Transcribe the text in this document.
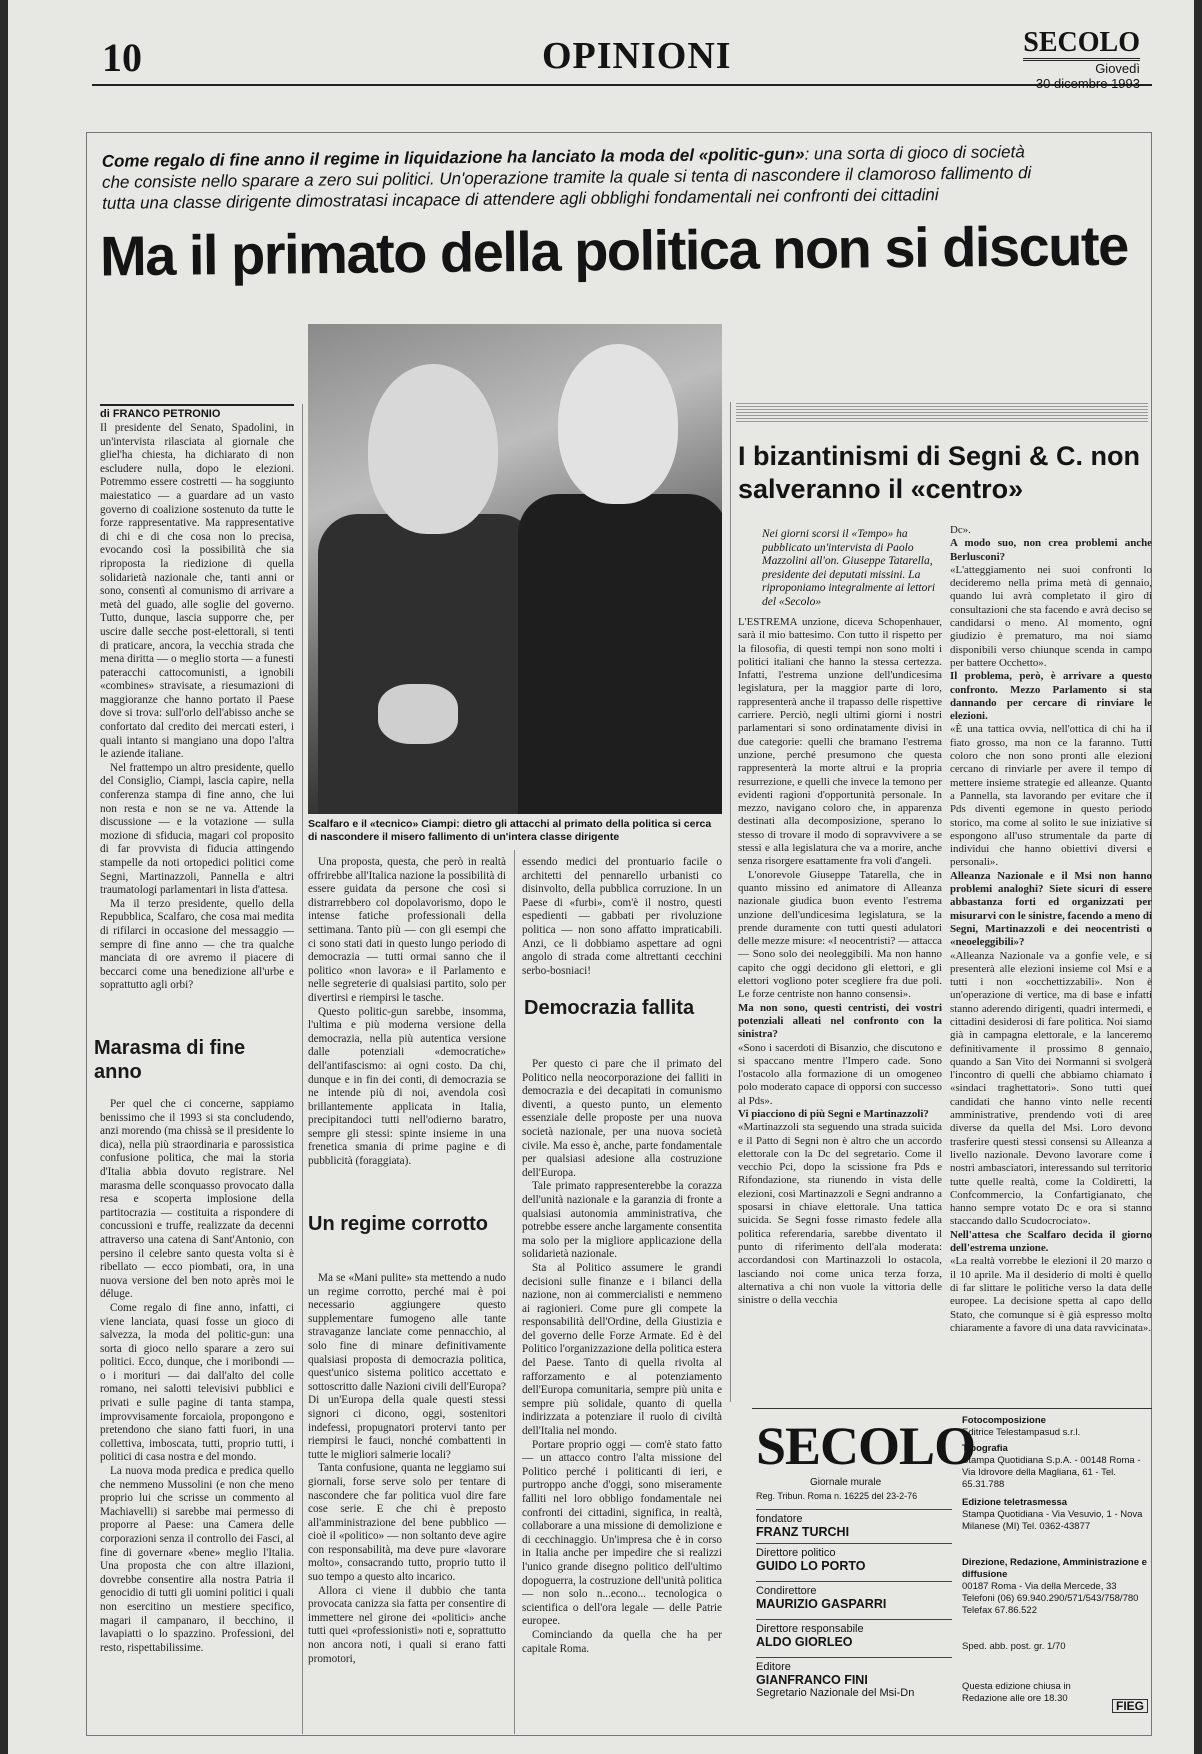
10	OPINIONI	SECOLO
Giovedì
30 dicembre 1993
Come regalo di fine anno il regime in liquidazione ha lanciato la moda del «politic-gun»: una sorta di gioco di società che consiste nello sparare a zero sui politici. Un'operazione tramite la quale si tenta di nascondere il clamoroso fallimento di tutta una classe dirigente dimostratasi incapace di attendere agli obblighi fondamentali nei confronti dei cittadini
Ma il primato della politica non si discute
di FRANCO PETRONIO

Il presidente del Senato, Spadolini, in un'intervista rilasciata al giornale che gliel'ha chiesta, ha dichiarato di non escludere nulla, dopo le elezioni. Potremmo essere costretti — ha soggiunto maiestatico — a guardare ad un vasto governo di coalizione sostenuto da tutte le forze rappresentative. Ma rappresentative di chi e di che cosa non lo precisa, evocando così la possibilità che sia riproposta la riedizione di quella solidarietà nazionale che, tanti anni or sono, consentì al comunismo di arrivare a metà del guado, alle soglie del governo. Tutto, dunque, lascia supporre che, per uscire dalle secche post-elettorali, si tenti di praticare, ancora, la vecchia strada che mena diritta — o meglio storta — a funesti pateracchi cattocomunisti, a ignobili «combines» stravisate, a riesumazioni di maggioranze che hanno portato il Paese dove si trova: sull'orlo dell'abisso anche se confortato dal credito dei mercati esteri, i quali intanto si mangiano una dopo l'altra le aziende italiane.

Nel frattempo un altro presidente, quello del Consiglio, Ciampi, lascia capire, nella conferenza stampa di fine anno, che lui non resta e non se ne va. Attende la discussione — e la votazione — sulla mozione di sfiducia, magari col proposito di far provvista di fiducia attingendo stampelle da noti ortopedici politici come Segni, Martinazzoli, Pannella e altri traumatologi parlamentari in lista d'attesa.

Ma il terzo presidente, quello della Repubblica, Scalfaro, che cosa mai medita di rifilarci in occasione del messaggio — sempre di fine anno — che tra qualche manciata di ore avremo il piacere di beccarci come una benedizione all'urbe e soprattutto agli orbi?

Marasma di fine anno

Per quel che ci concerne, sappiamo benissimo che il 1993 si sta concludendo, anzi morendo (ma chissà se il presidente lo dica), nella più straordinaria e parossistica confusione politica, che mai la storia d'Italia abbia dovuto registrare. Nel marasma delle sconquasso provocato dalla resa e scoperta implosione della partitocrazia — costituita a rispondere di concussioni e truffe, realizzate da decenni attraverso una catena di Sant'Antonio, con persino il celebre santo questa volta si è ribellato — ecco piombati, ora, in una nuova versione del ben noto après moi le déluge.

Come regalo di fine anno, infatti, ci viene lanciata, quasi fosse un gioco di salvezza, la moda del politic-gun: una sorta di gioco nello sparare a zero sui politici. Ecco, dunque, che i moribondi — o i morituri — dai dall'alto del colle romano, nei salotti televisivi pubblici e privati e sulle pagine di tanta stampa, improvvisamente forcaiola, propongono e pretendono che siano fatti fuori, in una collettiva, imboscata, tutti, proprio tutti, i politici di casa nostra e del mondo.

La nuova moda predica e predica quello che nemmeno Mussolini (e non che meno proprio lui che scrisse un commento al Machiavelli) si sarebbe mai permesso di proporre al Paese: una Camera delle corporazioni senza il controllo dei Fasci, al fine di governare «bene» meglio l'Italia. Una proposta che con altre illazioni, dovrebbe consentire alla nostra Patria il genocidio di tutti gli uomini politici i quali non esercitino un mestiere specifico, magari il campanaro, il becchino, il lavapiatti o lo spazzino. Professioni, del resto, rispettabilissime.

Scalfaro e il «tecnico» Ciampi: dietro gli attacchi al primato della politica si cerca di nascondere il misero fallimento di un'intera classe dirigente

Una proposta, questa, che però in realtà offrirebbe all'Italica nazione la possibilità di essere guidata da persone che così si distrarrebbero col dopolavorismo, dopo le intense fatiche professionali della settimana. Tanto più — con gli esempi che ci sono stati dati in questo lungo periodo di democrazia — tutti ormai sanno che il politico «non lavora» e il Parlamento e nelle segreterie di qualsiasi partito, solo per divertirsi e riempirsi le tasche.

Questo politic-gun sarebbe, insomma, l'ultima e più moderna versione della democrazia, nella più autentica versione dalle potenziali «democratiche» dell'antifascismo: ai ogni costo. Da chi, dunque e in fin dei conti, di democrazia se ne intende più di noi, avendola così brillantemente applicata in Italia, precipitandoci tutti nell'odierno baratro, sempre gli stessi: spinte insieme in una frenetica smania di prime pagine e di pubblicità (foraggiata).

Un regime corrotto

Ma se «Mani pulite» sta mettendo a nudo un regime corrotto, perché mai è poi necessario aggiungere questo supplementare fumogeno alle tante stravaganze lanciate come pennacchio, al solo fine di minare definitivamente qualsiasi proposta di democrazia politica, quest'unico sistema politico accettato e sottoscritto dalle Nazioni civili dell'Europa? Di un'Europa della quale questi stessi signori ci dicono, oggi, sostenitori indefessi, propugnatori protervi tanto per riempirsi le fauci, nonché combattenti in tutte le migliori salmerie locali?

Tanta confusione, quanta ne leggiamo sui giornali, forse serve solo per tentare di nascondere che far politica vuol dire fare cose serie. E che chi è preposto all'amministrazione del bene pubblico — cioè il «politico» — non soltanto deve agire con responsabilità, ma deve pure «lavorare molto», consacrando tutto, proprio tutto il suo tempo a questo alto incarico.

Allora ci viene il dubbio che tanta provocata canizza sia fatta per consentire di immettere nel girone dei «politici» anche tutti quei «professionisti» noti e, soprattutto non ancora noti, i quali si erano fatti promotori,

essendo medici del prontuario facile o architetti del pennarello urbanisti co disinvolto, della pubblica corruzione. In un Paese di «furbi», com'è il nostro, questi espedienti — gabbati per rivoluzione politica — non sono affatto impraticabili. Anzi, ce li dobbiamo aspettare ad ogni angolo di strada come altrettanti cecchini serbo-bosniaci!

Democrazia fallita

Per questo ci pare che il primato del Politico nella neocorporazione dei falliti in democrazia e dei decapitati in comunismo diventi, a questo punto, un elemento essenziale delle proposte per una nuova società nazionale, per una nuova società civile. Ma esso è, anche, parte fondamentale per qualsiasi adesione alla costruzione dell'Europa.

Tale primato rappresenterebbe la corazza dell'unità nazionale e la garanzia di fronte a qualsiasi autonomia amministrativa, che potrebbe essere anche largamente consentita ma solo per la migliore applicazione della solidarietà nazionale.

Sta al Politico assumere le grandi decisioni sulle finanze e i bilanci della nazione, non ai commercialisti e nemmeno ai ragionieri. Come pure gli compete la responsabilità dell'Ordine, della Giustizia e del governo delle Forze Armate. Ed è del Politico l'organizzazione della politica estera del Paese. Tanto di quella rivolta al rafforzamento e al potenziamento dell'Europa comunitaria, sempre più unita e sempre più solidale, quanto di quella indirizzata a potenziare il ruolo di civiltà dell'Italia nel mondo.

Portare proprio oggi — com'è stato fatto — un attacco contro l'alta missione del Politico perché i politicanti di ieri, e purtroppo anche d'oggi, sono miseramente falliti nel loro obbligo fondamentale nei confronti dei cittadini, significa, in realtà, collaborare a una missione di demolizione e di cecchinaggio. Un'impresa che è in corso in Italia anche per impedire che si realizzi l'unico grande disegno politico dell'ultimo dopoguerra, la costruzione dell'unità politica — non solo n...econo... tecnologica o scientifica o dell'ora legale — delle Patrie europee.

Cominciando da quella che ha per capitale Roma.

I bizantinismi di Segni & C. non salveranno il «centro»
Nei giorni scorsi il «Tempo» ha pubblicato un'intervista di Paolo Mazzolini all'on. Giuseppe Tatarella, presidente dei deputati missini. La riproponiamo integralmente ai lettori del «Secolo»

L'ESTREMA unzione, diceva Schopenhauer, sarà il mio battesimo. Con tutto il rispetto per la filosofia, di questi tempi non sono molti i politici italiani che hanno la stessa certezza. Infatti, l'estrema unzione dell'undicesima legislatura, per la maggior parte di loro, rappresenterà anche il trapasso delle rispettive carriere. Perciò, negli ultimi giorni i nostri parlamentari si sono ordinatamente divisi in due categorie: quelli che bramano l'estrema unzione, perché presumono che questa rappresenterà la morte altrui e la propria resurrezione, e quelli che invece la temono per evidenti ragioni d'opportunità personale. In mezzo, navigano coloro che, in apparenza destinati alla decomposizione, sperano lo stesso di trovare il modo di sopravvivere a se stessi e alla legislatura che va a morire, anche senza risorgere esattamente fra voli d'angeli.

L'onorevole Giuseppe Tatarella, che in quanto missino ed animatore di Alleanza nazionale giudica buon evento l'estrema unzione dell'undicesima legislatura, se la prende duramente con tutti questi adulatori delle mezze misure: «I neocentristi? — attacca — Sono solo dei neoleggibili. Ma non hanno capito che oggi decidono gli elettori, e gli elettori vogliono poter scegliere fra due poli. Le forze centriste non hanno consensi».

Ma non sono, questi centristi, dei vostri potenziali alleati nel confronto con la sinistra?

«Sono i sacerdoti di Bisanzio, che discutono e si spaccano mentre l'Impero cade. Sono l'ostacolo alla formazione di un omogeneo polo moderato capace di opporsi con successo al Pds».

Vi piacciono di più Segni e Martinazzoli?

«Martinazzoli sta seguendo una strada suicida e il Patto di Segni non è altro che un accordo elettorale con la Dc del segretario. Come il vecchio Pci, dopo la scissione fra Pds e Rifondazione, sta riunendo in vista delle elezioni, così Martinazzoli e Segni andranno a sposarsi in chiave elettorale. Una tattica suicida. Se Segni fosse rimasto fedele alla politica referendaria, sarebbe diventato il punto di riferimento dell'ala moderata: accordandosi con Martinazzoli lo ostacola, lasciando noi come unica terza forza, alternativa a chi non vuole la vittoria delle sinistre o della vecchia

Dc».

A modo suo, non crea problemi anche Berlusconi?

«L'atteggiamento nei suoi confronti lo decideremo nella prima metà di gennaio, quando lui avrà completato il giro di consultazioni che sta facendo e avrà deciso se candidarsi o meno. Al momento, ogni giudizio è prematuro, ma noi siamo disponibili verso chiunque scenda in campo per battere Occhetto».

Il problema, però, è arrivare a questo confronto. Mezzo Parlamento si sta dannando per cercare di rinviare le elezioni.

«È una tattica ovvia, nell'ottica di chi ha il fiato grosso, ma non ce la faranno. Tutti coloro che non sono pronti alle elezioni cercano di rinviarle per avere il tempo di mettere insieme strategie ed alleanze. Quanto a Pannella, sta lavorando per evitare che il Pds diventi egemone in questo periodo storico, ma come al solito le sue iniziative si espongono all'uso strumentale da parte di individui che hanno obiettivi diversi e personali».

Alleanza Nazionale e il Msi non hanno problemi analoghi? Siete sicuri di essere abbastanza forti ed organizzati per misurarvi con le sinistre, facendo a meno di Segni, Martinazzoli e dei neocentristi o «neoeleggibili»?

«Alleanza Nazionale va a gonfie vele, e si presenterà alle elezioni insieme col Msi e a tutti i non «occhettizzabili». Non è un'operazione di vertice, ma di base e infatti stanno aderendo dirigenti, quadri intermedi, e cittadini desiderosi di fare politica. Noi siamo già in campagna elettorale, e la lanceremo definitivamente il prossimo 8 gennaio, quando a San Vito dei Normanni si svolgerà l'incontro di quelli che abbiamo chiamato i «sindaci traghettatori». Sono tutti quei candidati che hanno vinto nelle recenti amministrative, prendendo voti di aree diverse da quella del Msi. Loro devono trasferire questi stessi consensi su Alleanza a livello nazionale. Devono lavorare come i nostri ambasciatori, interessando sul territorio tutte quelle realtà, come la Coldiretti, la Confcommercio, la Confartigianato, che hanno sempre votato Dc e ora si stanno staccando dallo Scudocrociato».

Nell'attesa che Scalfaro decida il giorno dell'estrema unzione.

«La realtà vorrebbe le elezioni il 20 marzo o il 10 aprile. Ma il desiderio di molti è quello di far slittare le politiche verso la data delle europee. La decisione spetta al capo dello Stato, che comunque si è già espresso molto chiaramente a favore di una data ravvicinata».

SECOLO
Giornale murale
Reg. Tribun. Roma n. 16225 del 23-2-76
fondatore
FRANZ TURCHI
Direttore politico
GUIDO LO PORTO
Condirettore
MAURIZIO GASPARRI
Direttore responsabile
ALDO GIORLEO
Editore
GIANFRANCO FINI
Segretario Nazionale del Msi-Dn
Fotocomposizione
Editrice Telestampasud s.r.l.
Tipografia
Stampa Quotidiana S.p.A. - 00148 Roma - Via Idrovore della Magliana, 61 - Tel. 65.31.788
Edizione teletrasmessa
Stampa Quotidiana - Via Vesuvio, 1 - Nova Milanese (MI) Tel. 0362-43877
Direzione, Redazione, Amministrazione e diffusione
00187 Roma - Via della Mercede, 33 Telefoni (06) 69.940.290/571/543/758/780 Telefax 67.86.522
Sped. abb. post. gr. 1/70
Questa edizione chiusa in Redazione alle ore 18.30
FIEG
